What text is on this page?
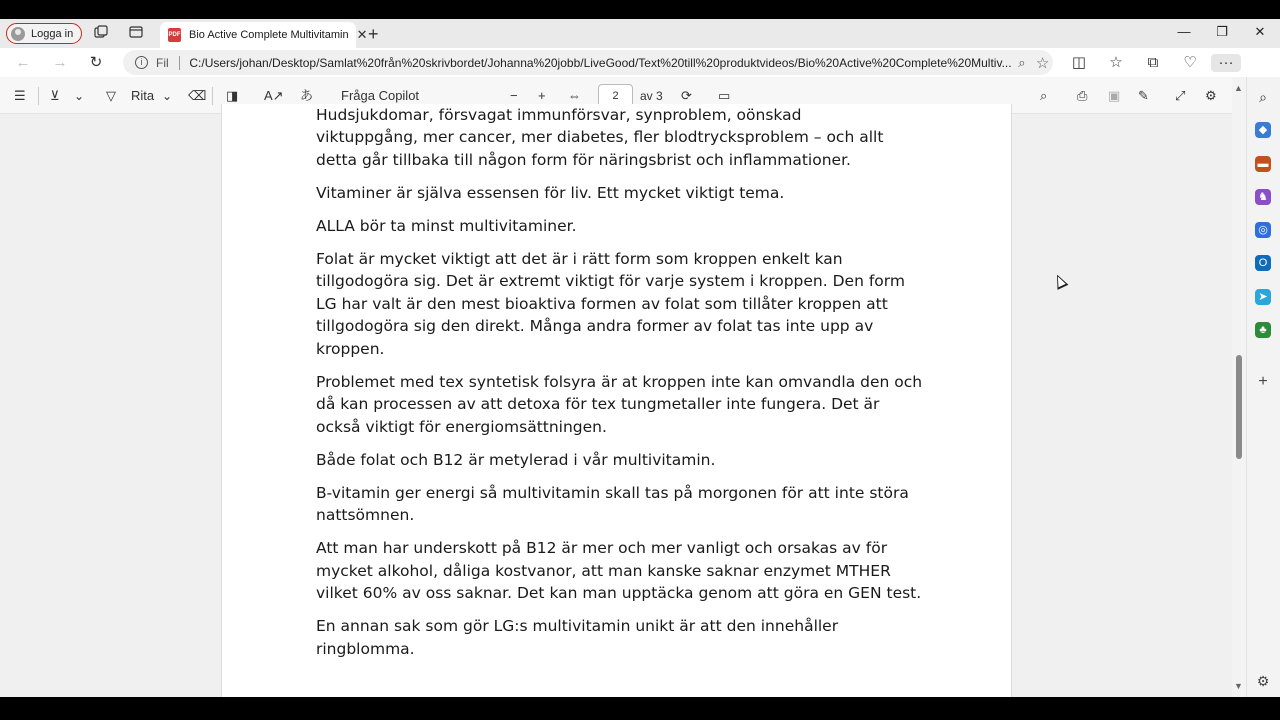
Logga in	PDF Bio Active Complete Multivitamin ✕ +	—	❐	✕
← → ↻	i	Fil C:/Users/johan/Desktop/Samlat%20från%20skrivbordet/Johanna%20jobb/LiveGood/Text%20till%20produktvideos/Bio%20Active%20Complete%20Multiv... ⌕ ☆ ◫ ☆ ⧉ ♡	···
☰ ⊻ ⌄ ▽ Rita ⌄ ⌫ ◨ A↗ あ Fråga Copilot	− + ⇔	2	av 3 ⟳ ▭	⌕ ⎙ ▣ ✎ ⤢ ⚙

Hudsjukdomar, försvagat immunförsvar, synproblem, oönskad

viktuppgång, mer cancer, mer diabetes, fler blodtrycksproblem – och allt detta går tillbaka till någon form för näringsbrist och inflammationer.

Vitaminer är själva essensen för liv. Ett mycket viktigt tema.

ALLA bör ta minst multivitaminer.

Folat är mycket viktigt att det är i rätt form som kroppen enkelt kan tillgodogöra sig. Det är extremt viktigt för varje system i kroppen. Den form LG har valt är den mest bioaktiva formen av folat som tillåter kroppen att tillgodogöra sig den direkt. Många andra former av folat tas inte upp av kroppen.

Problemet med tex syntetisk folsyra är at kroppen inte kan omvandla den och då kan processen av att detoxa för tex tungmetaller inte fungera. Det är också viktigt för energiomsättningen.

Både folat och B12 är metylerad i vår multivitamin.

B-vitamin ger energi så multivitamin skall tas på morgonen för att inte störa nattsömnen.

Att man har underskott på B12 är mer och mer vanligt och orsakas av för mycket alkohol, dåliga kostvanor, att man kanske saknar enzymet MTHER vilket 60% av oss saknar. Det kan man upptäcka genom att göra en GEN test.

En annan sak som gör LG:s multivitamin unikt är att den innehåller ringblomma.

▲
▼
⌕
◆
▬
♞
◎
O
➤
♣
+
⚙
